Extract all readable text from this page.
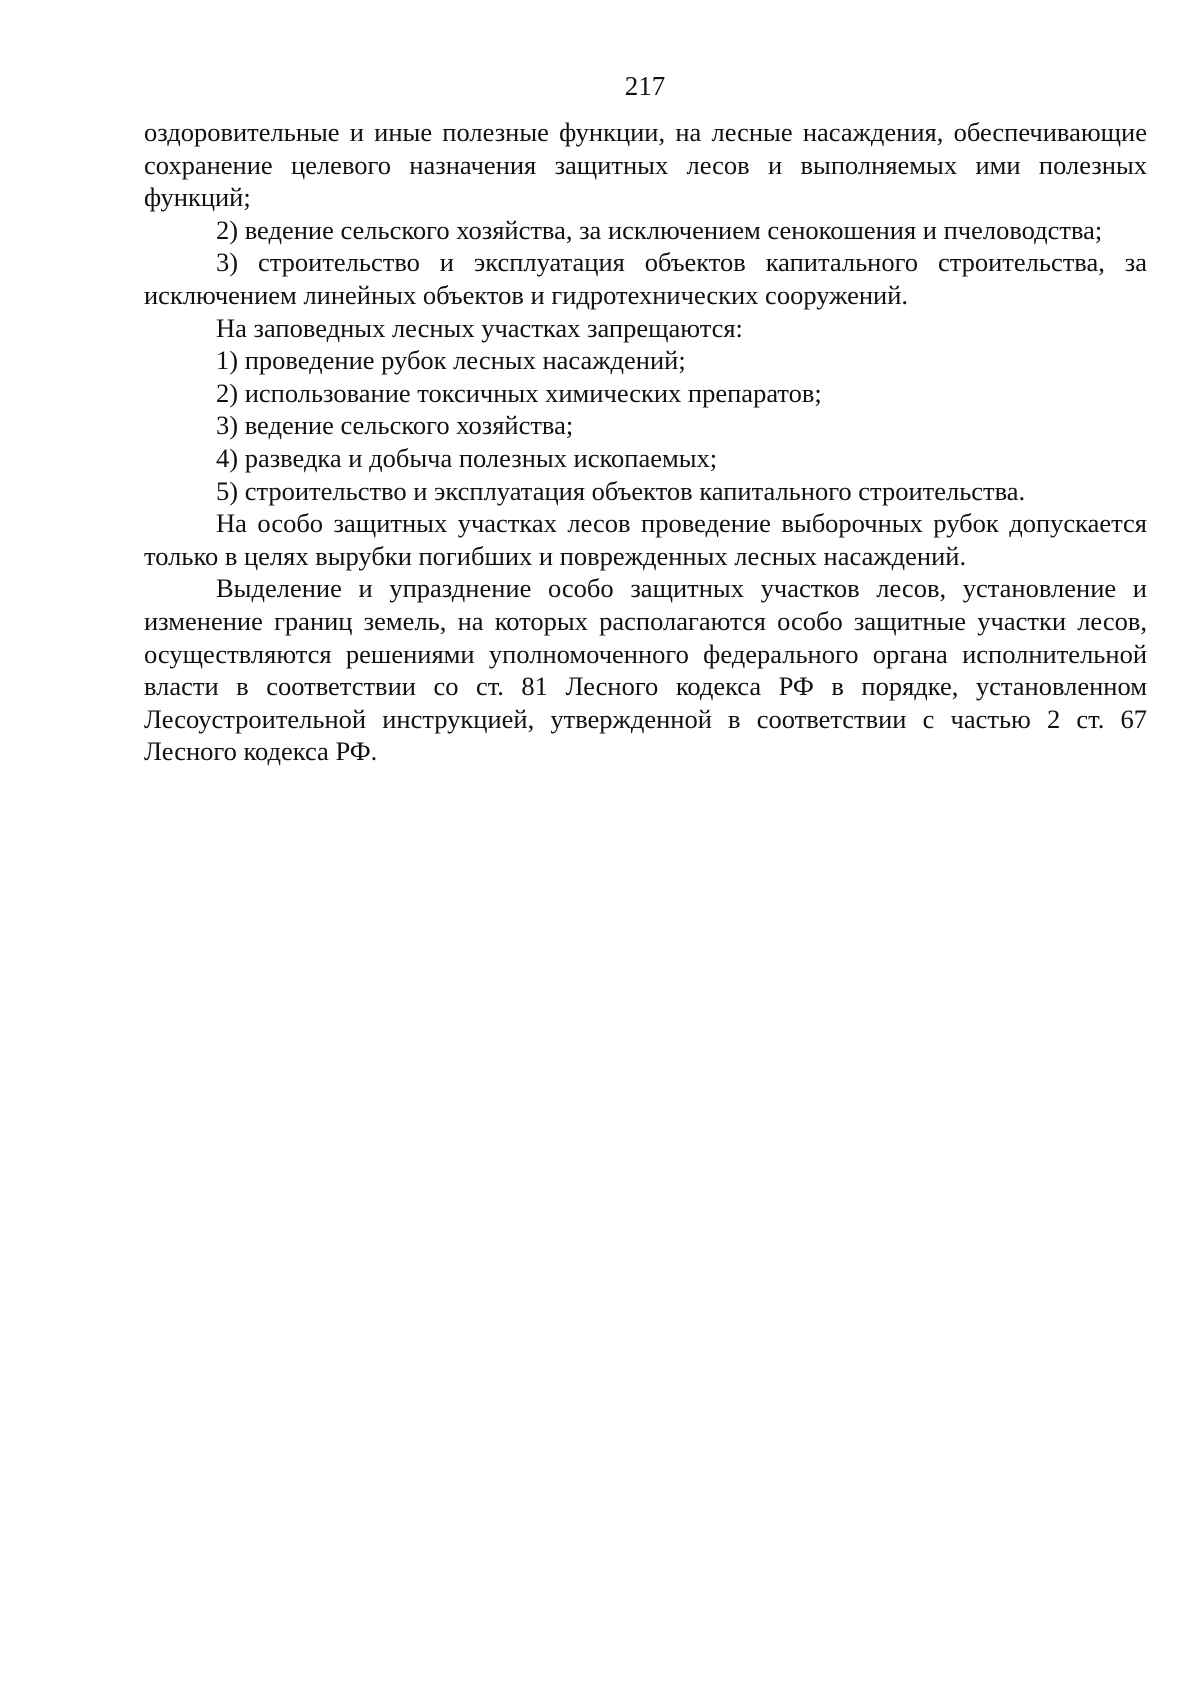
217

оздоровительные и иные полезные функции, на лесные насаждения, обеспечивающие сохранение целевого назначения защитных лесов и выполняемых ими полезных функций;

2) ведение сельского хозяйства, за исключением сенокошения и пчеловодства;

3) строительство и эксплуатация объектов капитального строительства, за исключением линейных объектов и гидротехнических сооружений.

На заповедных лесных участках запрещаются:

1) проведение рубок лесных насаждений;

2) использование токсичных химических препаратов;

3) ведение сельского хозяйства;

4) разведка и добыча полезных ископаемых;

5) строительство и эксплуатация объектов капитального строительства.

На особо защитных участках лесов проведение выборочных рубок допускается только в целях вырубки погибших и поврежденных лесных насаждений.

Выделение и упразднение особо защитных участков лесов, установление и изменение границ земель, на которых располагаются особо защитные участки лесов, осуществляются решениями уполномоченного федерального органа исполнительной власти в соответствии со ст. 81 Лесного кодекса РФ в порядке, установленном Лесоустроительной инструкцией, утвержденной в соответствии с частью 2 ст. 67 Лесного кодекса РФ.
